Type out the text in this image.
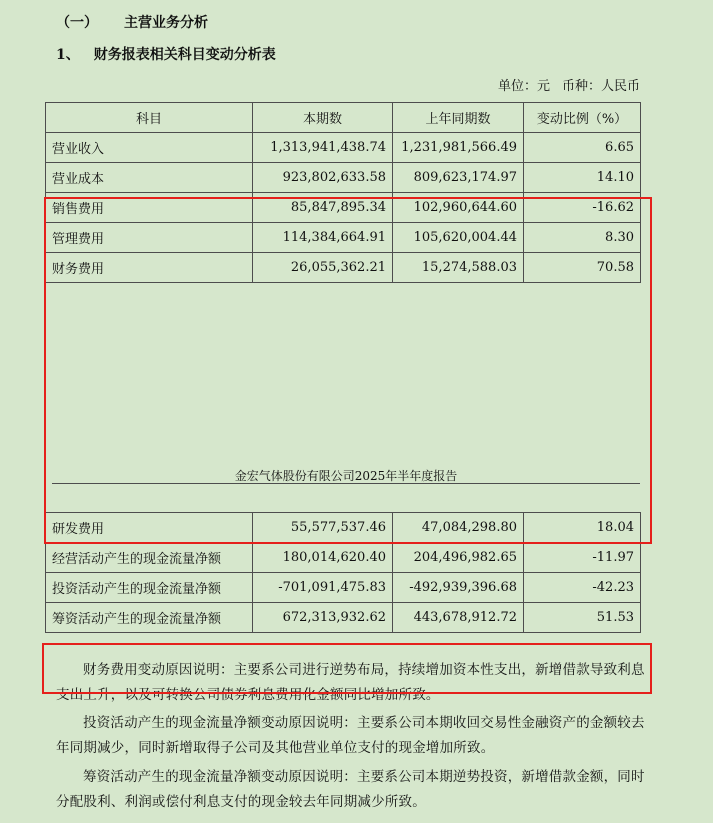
（一） 主营业务分析
1、 财务报表相关科目变动分析表
单位：元 币种：人民币
科目	本期数	上年同期数	变动比例（%）
营业收入	1,313,941,438.74	1,231,981,566.49	6.65
营业成本	923,802,633.58	809,623,174.97	14.10
销售费用	85,847,895.34	102,960,644.60	-16.62
管理费用	114,384,664.91	105,620,004.44	8.30
财务费用	26,055,362.21	15,274,588.03	70.58
金宏气体股份有限公司2025年半年度报告
研发费用	55,577,537.46	47,084,298.80	18.04
经营活动产生的现金流量净额	180,014,620.40	204,496,982.65	-11.97
投资活动产生的现金流量净额	-701,091,475.83	-492,939,396.68	-42.23
筹资活动产生的现金流量净额	672,313,932.62	443,678,912.72	51.53

财务费用变动原因说明：主要系公司进行逆势布局，持续增加资本性支出，新增借款导致利息支出上升，以及可转换公司债券利息费用化金额同比增加所致。

投资活动产生的现金流量净额变动原因说明：主要系公司本期收回交易性金融资产的金额较去年同期减少，同时新增取得子公司及其他营业单位支付的现金增加所致。

筹资活动产生的现金流量净额变动原因说明：主要系公司本期逆势投资，新增借款金额，同时分配股利、利润或偿付利息支付的现金较去年同期减少所致。
